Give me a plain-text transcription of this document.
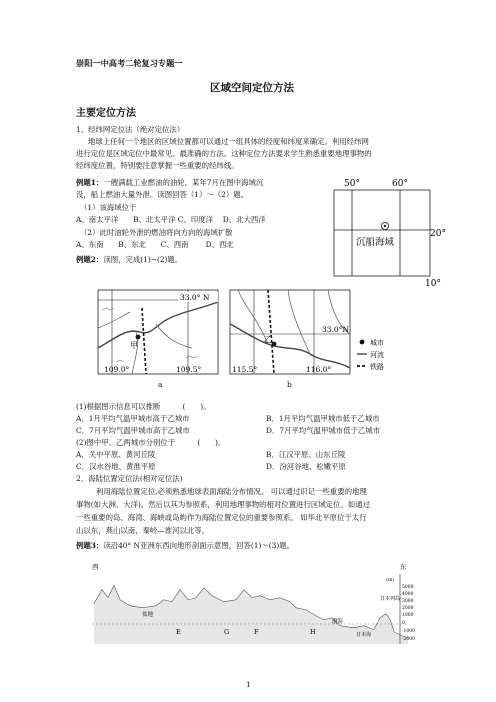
崇阳一中高考二轮复习专题一
区域空间定位方法
主要定位方法
1、经纬网定位法（绝对定位法）
地球上任何一个地区的区域位置都可以通过一组具体的经度和纬度来确定。利用经纬网
进行定位是区域定位中最常见、最准确的方法。这种定位方法要求学生熟悉重要地理事物的
经纬度位置，特别要注意掌握一些重要的经纬线。
例题1：一艘满载工业燃油的油轮，某年7月在图中海域沉
没，船上燃油大量外泄。读图回答（1）～（2）题。
（1）该海域位于
A、南太平洋　　B、北太平洋 C、印度洋　 D、北大西洋
（2）此时油轮外泄的燃油将向方向的海域扩散
A、东南　　B、东北　　C、西南　　 D、西北
50°	60°
沉船海域
20°
10°
例题2：读图，完成(1)~(2)题。
33.0° N
甲
109.0°	109.5°
a
33.0°N
乙
115.5°	116.0°
b
城市
河流
铁路
(1)根据图示信息可以推断　　　(　　)。
A．1月平均气温甲城市高于乙城市	B．1月平均气温甲城市低于乙城市
C．7月平均气温甲城市高于乙城市	D．7月平均气温甲城市低于乙城市
(2)图中甲、乙两城市分别位于　　　(　　)。
A．关中平原、黄河丘陵	B．江汉平原、山东丘陵
C．汉水谷地、黄淮平原	D．汾河谷地、松嫩平原
2、海陆位置定位法(相对定位法)
利用海陆位置定位,必须熟悉地球表面海陆分布情况。 可以通过识记一些重要的地理
事物(如大洲、大洋)，然后以其为参照系，利用地理事物的相对位置进行区域定位。如通过
一些重要的岛、海湾、海峡或岛屿作为海陆位置定位的重要参照系。 如华北平原位于太行
山以东，燕山以南，秦岭—淮河以北等。
例题3：读沿40° N亚洲东西向地形剖面示意图，回答(1)～(3)题。
西	东
盆地
渤海
日本海
日本列岛
E	G	F	H
(m)
5000
4000
3000
2000
1000
0
-1000
-2000
1
